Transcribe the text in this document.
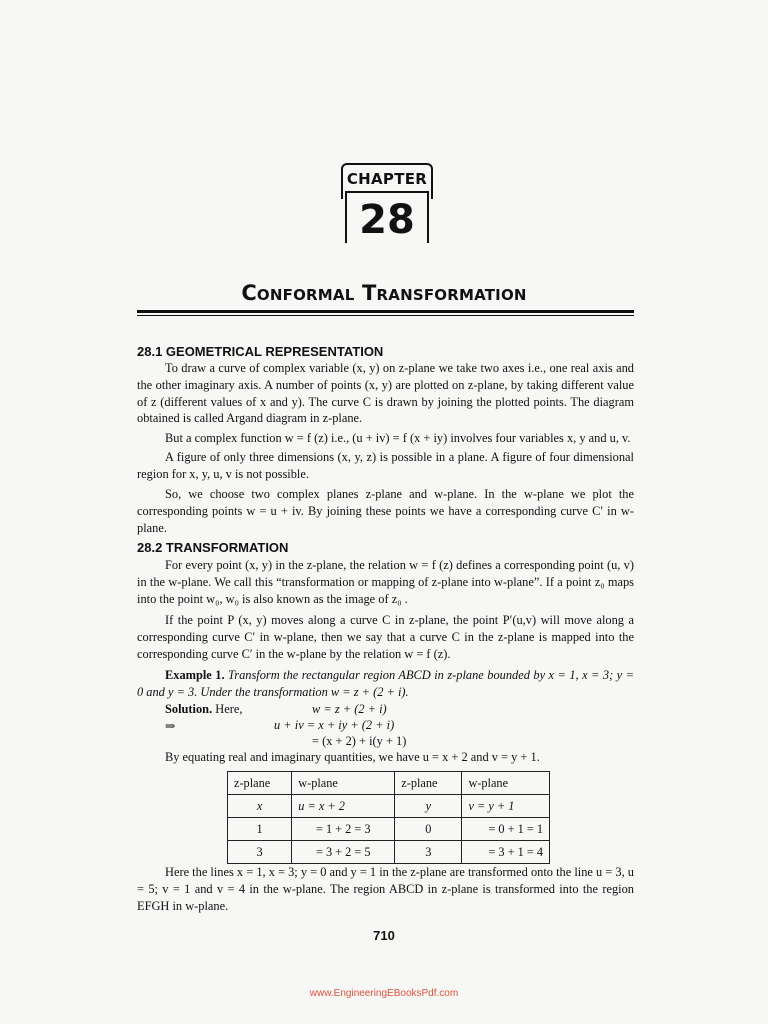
CHAPTER
28
Conformal Transformation
28.1 GEOMETRICAL REPRESENTATION
To draw a curve of complex variable (x, y) on z-plane we take two axes i.e., one real axis and the other imaginary axis. A number of points (x, y) are plotted on z-plane, by taking different value of z (different values of x and y). The curve C is drawn by joining the plotted points. The diagram obtained is called Argand diagram in z-plane.
But a complex function w = f (z) i.e., (u + iv) = f (x + iy) involves four variables x, y and u, v.
A figure of only three dimensions (x, y, z) is possible in a plane. A figure of four dimensional region for x, y, u, v is not possible.
So, we choose two complex planes z-plane and w-plane. In the w-plane we plot the corresponding points w = u + iv. By joining these points we have a corresponding curve C′ in w-plane.
28.2 TRANSFORMATION
For every point (x, y) in the z-plane, the relation w = f (z) defines a corresponding point (u, v) in the w-plane. We call this “transformation or mapping of z-plane into w-plane”. If a point z₀ maps into the point w₀, w₀ is also known as the image of z₀ .
If the point P (x, y) moves along a curve C in z-plane, the point P′(u,v) will move along a corresponding curve C′ in w-plane, then we say that a curve C in the z-plane is mapped into the corresponding curve C′ in the w-plane by the relation w = f (z).
Example 1. Transform the rectangular region ABCD in z-plane bounded by x = 1, x = 3; y = 0 and y = 3. Under the transformation w = z + (2 + i).
Solution. Here,	w = z + (2 + i)
⇒	u + iv = x + iy + (2 + i)
= (x + 2) + i(y + 1)
By equating real and imaginary quantities, we have u = x + 2 and v = y + 1.
z-plane	w-plane	z-plane	w-plane
x	u = x + 2	y	v = y + 1
1	= 1 + 2 = 3	0	= 0 + 1 = 1
3	= 3 + 2 = 5	3	= 3 + 1 = 4
Here the lines x = 1, x = 3; y = 0 and y = 1 in the z-plane are transformed onto the line u = 3, u = 5; v = 1 and v = 4 in the w-plane. The region ABCD in z-plane is transformed into the region EFGH in w-plane.
710
www.EngineeringEBooksPdf.com
